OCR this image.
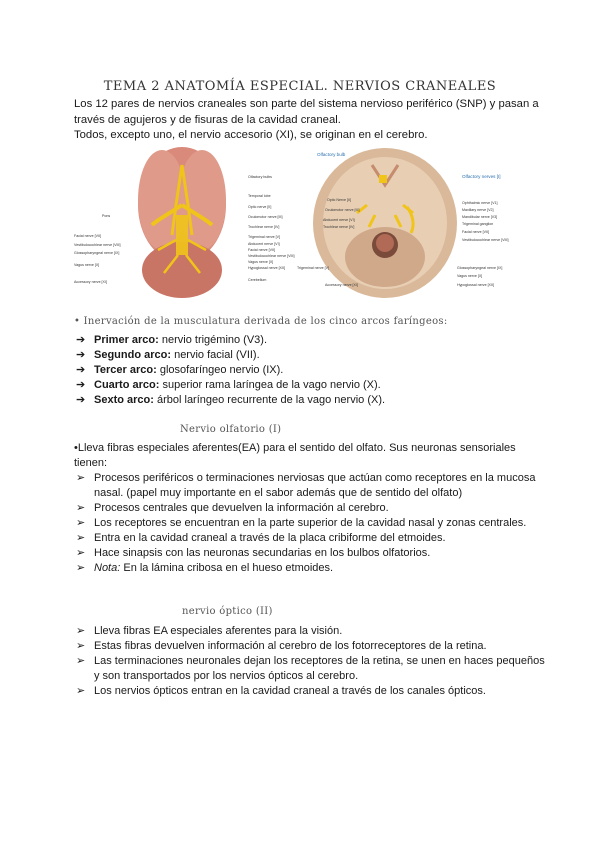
TEMA 2 ANATOMÍA ESPECIAL. NERVIOS CRANEALES

Los 12 pares de nervios craneales son parte del sistema nervioso periférico (SNP) y pasan a través de agujeros y de fisuras de la cavidad craneal.

Todos, excepto uno, el nervio accesorio (XI), se originan en el cerebro.

Olfactory bulbs
Temporal lobe
Optic nerve [II]
Oculomotor nerve [III]
Trochlear nerve [IV]
Trigeminal nerve [V]
Abducent nerve [VI]
Facial nerve [VII]
Vestibulocochlear nerve [VIII]
Vagus nerve [X]
Hypoglossal nerve [XII]
Cerebellum
Pons
Facial nerve [VII]
Vestibulocochlear nerve [VIII]
Glossopharyngeal nerve [IX]
Vagus nerve [X]
Accessory nerve [XI]
Olfactory bulb
Olfactory nerves [I]
Optic Nerve [II]
Oculomotor nerve [III]
Abducent nerve [VI]
Trochlear nerve [IV]
Trigeminal nerve [V]
Accessory nerve [XI]
Ophthalmic nerve [V1]
Maxillary nerve [V2]
Mandibular nerve [V3]
Trigeminal ganglion
Facial nerve [VII]
Vestibulocochlear nerve [VIII]
Glossopharyngeal nerve [IX]
Vagus nerve [X]
Hypoglossal nerve [XII]
• Inervación de la musculatura derivada de los cinco arcos faríngeos:
➔ Primer arco: nervio trigémino (V3).
➔ Segundo arco: nervio facial (VII).
➔ Tercer arco: glosofaríngeo nervio (IX).
➔ Cuarto arco: superior rama laríngea de la vago nervio (X).
➔ Sexto arco: árbol laríngeo recurrente de la vago nervio (X).
Nervio olfatorio (I)

•Lleva fibras especiales aferentes(EA) para el sentido del olfato. Sus neuronas sensoriales tienen:

➢ Procesos periféricos o terminaciones nerviosas que actúan como receptores en la mucosa nasal. (papel muy importante en el sabor además que de sentido del olfato)
➢ Procesos centrales que devuelven la información al cerebro.
➢ Los receptores se encuentran en la parte superior de la cavidad nasal y zonas centrales.
➢ Entra en la cavidad craneal a través de la placa cribiforme del etmoides.
➢ Hace sinapsis con las neuronas secundarias en los bulbos olfatorios.
➢ Nota: En la lámina cribosa en el hueso etmoides.
nervio óptico (II)
➢ Lleva fibras EA especiales aferentes para la visión.
➢ Estas fibras devuelven información al cerebro de los fotorreceptores de la retina.
➢ Las terminaciones neuronales dejan los receptores de la retina, se unen en haces pequeños y son transportados por los nervios ópticos al cerebro.
➢ Los nervios ópticos entran en la cavidad craneal a través de los canales ópticos.
